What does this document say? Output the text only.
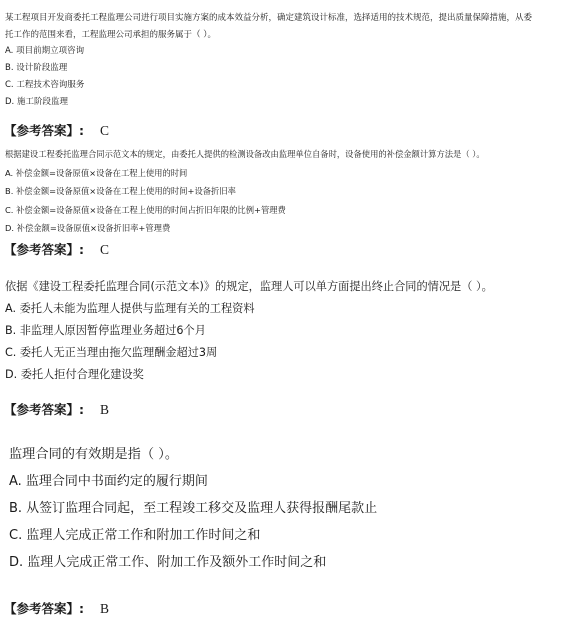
某工程项目开发商委托工程监理公司进行项目实施方案的成本效益分析，确定建筑设计标准，选择适用的技术规范，提出质量保障措施，从委
托工作的范围来看，工程监理公司承担的服务属于（ ）。
A. 项目前期立项咨询
B. 设计阶段监理
C. 工程技术咨询服务
D. 施工阶段监理
【参考答案】: C
根据建设工程委托监理合同示范文本的规定，由委托人提供的检测设备改由监理单位自备时，设备使用的补偿金额计算方法是（ ）。
A. 补偿金额=设备原值×设备在工程上使用的时间
B. 补偿金额=设备原值×设备在工程上使用的时间+设备折旧率
C. 补偿金额=设备原值×设备在工程上使用的时间占折旧年限的比例+管理费
D. 补偿金额=设备原值×设备折旧率+管理费
【参考答案】: C
依据《建设工程委托监理合同(示范文本)》的规定，监理人可以单方面提出终止合同的情况是（ ）。
A. 委托人未能为监理人提供与监理有关的工程资料
B. 非监理人原因暂停监理业务超过6个月
C. 委托人无正当理由拖欠监理酬金超过3周
D. 委托人拒付合理化建设奖
【参考答案】: B
监理合同的有效期是指（ ）。
A. 监理合同中书面约定的履行期间
B. 从签订监理合同起，至工程竣工移交及监理人获得报酬尾款止
C. 监理人完成正常工作和附加工作时间之和
D. 监理人完成正常工作、附加工作及额外工作时间之和
【参考答案】: B
